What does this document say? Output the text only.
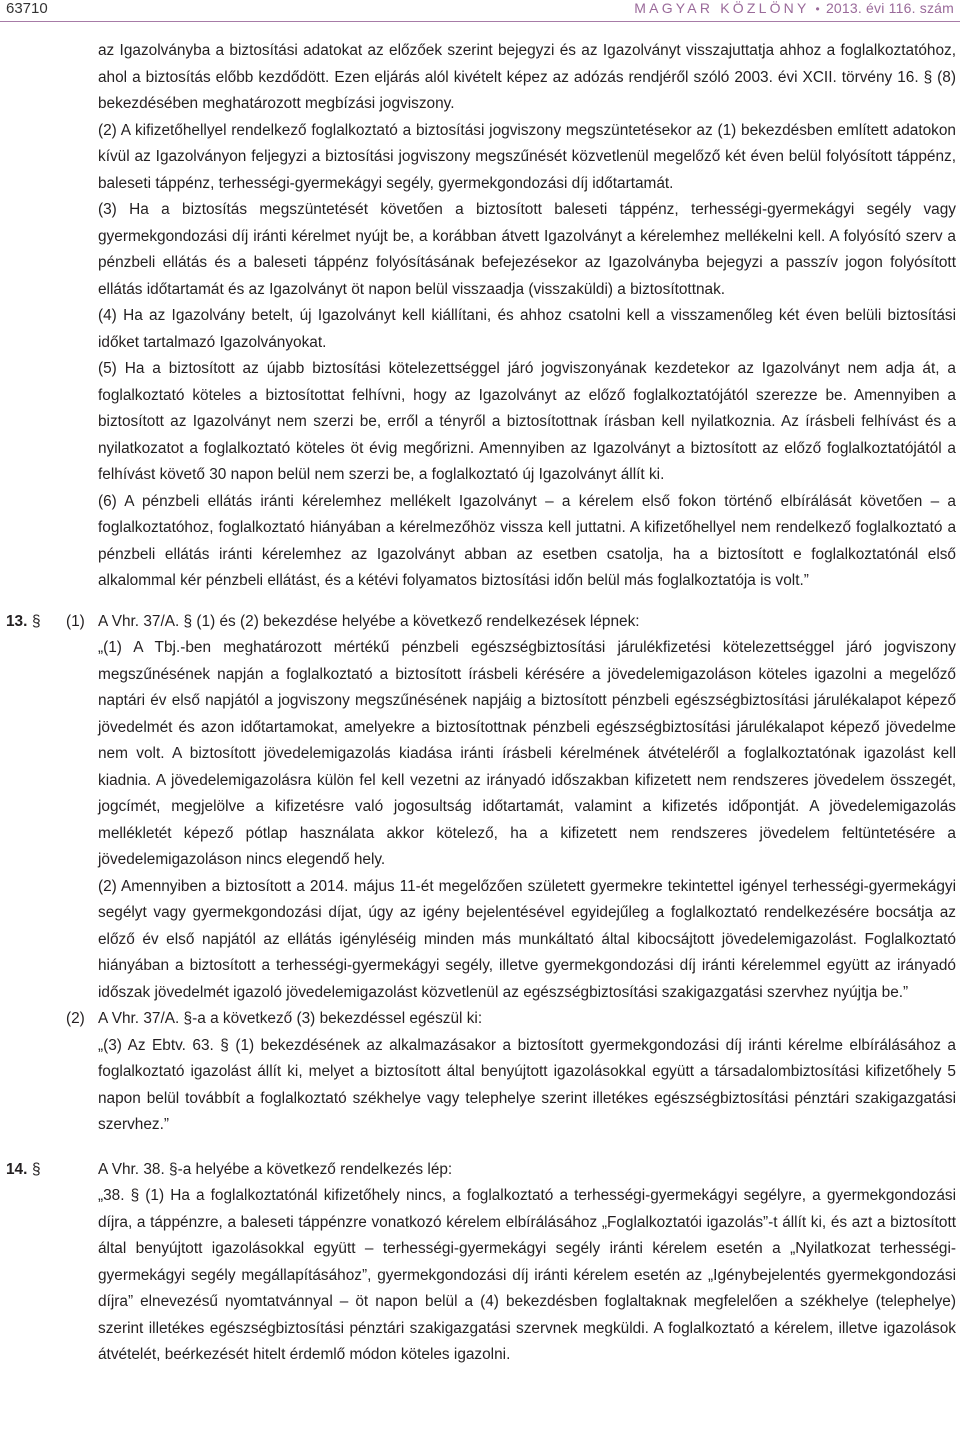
63710	MAGYAR KÖZLÖNY • 2013. évi 116. szám
az Igazolványba a biztosítási adatokat az előzőek szerint bejegyzi és az Igazolványt visszajuttatja ahhoz a foglalkoztatóhoz, ahol a biztosítás előbb kezdődött. Ezen eljárás alól kivételt képez az adózás rendjéről szóló 2003. évi XCII. törvény 16. § (8) bekezdésében meghatározott megbízási jogviszony.
(2) A kifizetőhellyel rendelkező foglalkoztató a biztosítási jogviszony megszüntetésekor az (1) bekezdésben említett adatokon kívül az Igazolványon feljegyzi a biztosítási jogviszony megszűnését közvetlenül megelőző két éven belül folyósított táppénz, baleseti táppénz, terhességi-gyermekágyi segély, gyermekgondozási díj időtartamát.
(3) Ha a biztosítás megszüntetését követően a biztosított baleseti táppénz, terhességi-gyermekágyi segély vagy gyermekgondozási díj iránti kérelmet nyújt be, a korábban átvett Igazolványt a kérelemhez mellékelni kell. A folyósító szerv a pénzbeli ellátás és a baleseti táppénz folyósításának befejezésekor az Igazolványba bejegyzi a passzív jogon folyósított ellátás időtartamát és az Igazolványt öt napon belül visszaadja (visszaküldi) a biztosítottnak.
(4) Ha az Igazolvány betelt, új Igazolványt kell kiállítani, és ahhoz csatolni kell a visszamenőleg két éven belüli biztosítási időket tartalmazó Igazolványokat.
(5) Ha a biztosított az újabb biztosítási kötelezettséggel járó jogviszonyának kezdetekor az Igazolványt nem adja át, a foglalkoztató köteles a biztosítottat felhívni, hogy az Igazolványt az előző foglalkoztatójától szerezze be. Amennyiben a biztosított az Igazolványt nem szerzi be, erről a tényről a biztosítottnak írásban kell nyilatkoznia. Az írásbeli felhívást és a nyilatkozatot a foglalkoztató köteles öt évig megőrizni. Amennyiben az Igazolványt a biztosított az előző foglalkoztatójától a felhívást követő 30 napon belül nem szerzi be, a foglalkoztató új Igazolványt állít ki.
(6) A pénzbeli ellátás iránti kérelemhez mellékelt Igazolványt – a kérelem első fokon történő elbírálását követően – a foglalkoztatóhoz, foglalkoztató hiányában a kérelmezőhöz vissza kell juttatni. A kifizetőhellyel nem rendelkező foglalkoztató a pénzbeli ellátás iránti kérelemhez az Igazolványt abban az esetben csatolja, ha a biztosított e foglalkoztatónál első alkalommal kér pénzbeli ellátást, és a kétévi folyamatos biztosítási időn belül más foglalkoztatója is volt.”
13. § (1) A Vhr. 37/A. § (1) és (2) bekezdése helyébe a következő rendelkezések lépnek:
„(1) A Tbj.-ben meghatározott mértékű pénzbeli egészségbiztosítási járulékfizetési kötelezettséggel járó jogviszony megszűnésének napján a foglalkoztató a biztosított írásbeli kérésére a jövedelemigazoláson köteles igazolni a megelőző naptári év első napjától a jogviszony megszűnésének napjáig a biztosított pénzbeli egészségbiztosítási járulékalapot képező jövedelmét és azon időtartamokat, amelyekre a biztosítottnak pénzbeli egészségbiztosítási járulékalapot képező jövedelme nem volt. A biztosított jövedelemigazolás kiadása iránti írásbeli kérelmének átvételéről a foglalkoztatónak igazolást kell kiadnia. A jövedelemigazolásra külön fel kell vezetni az irányadó időszakban kifizetett nem rendszeres jövedelem összegét, jogcímét, megjelölve a kifizetésre való jogosultság időtartamát, valamint a kifizetés időpontját. A jövedelemigazolás mellékletét képező pótlap használata akkor kötelező, ha a kifizetett nem rendszeres jövedelem feltüntetésére a jövedelemigazoláson nincs elegendő hely.
(2) Amennyiben a biztosított a 2014. május 11-ét megelőzően született gyermekre tekintettel igényel terhességi-gyermekágyi segélyt vagy gyermekgondozási díjat, úgy az igény bejelentésével egyidejűleg a foglalkoztató rendelkezésére bocsátja az előző év első napjától az ellátás igényléséig minden más munkáltató által kibocsájtott jövedelemigazolást. Foglalkoztató hiányában a biztosított a terhességi-gyermekágyi segély, illetve gyermekgondozási díj iránti kérelemmel együtt az irányadó időszak jövedelmét igazoló jövedelemigazolást közvetlenül az egészségbiztosítási szakigazgatási szervhez nyújtja be.”
(2) A Vhr. 37/A. §-a a következő (3) bekezdéssel egészül ki:
„(3) Az Ebtv. 63. § (1) bekezdésének az alkalmazásakor a biztosított gyermekgondozási díj iránti kérelme elbírálásához a foglalkoztató igazolást állít ki, melyet a biztosított által benyújtott igazolásokkal együtt a társadalombiztosítási kifizetőhely 5 napon belül továbbít a foglalkoztató székhelye vagy telephelye szerint illetékes egészségbiztosítási pénztári szakigazgatási szervhez.”
14. §	A Vhr. 38. §-a helyébe a következő rendelkezés lép:
„38. § (1) Ha a foglalkoztatónál kifizetőhely nincs, a foglalkoztató a terhességi-gyermekágyi segélyre, a gyermekgondozási díjra, a táppénzre, a baleseti táppénzre vonatkozó kérelem elbírálásához „Foglalkoztatói igazolás”-t állít ki, és azt a biztosított által benyújtott igazolásokkal együtt – terhességi-gyermekágyi segély iránti kérelem esetén a „Nyilatkozat terhességi-gyermekágyi segély megállapításához”, gyermekgondozási díj iránti kérelem esetén az „Igénybejelentés gyermekgondozási díjra” elnevezésű nyomtatvánnyal – öt napon belül a (4) bekezdésben foglaltaknak megfelelően a székhelye (telephelye) szerint illetékes egészségbiztosítási pénztári szakigazgatási szervnek megküldi. A foglalkoztató a kérelem, illetve igazolások átvételét, beérkezését hitelt érdemlő módon köteles igazolni.
